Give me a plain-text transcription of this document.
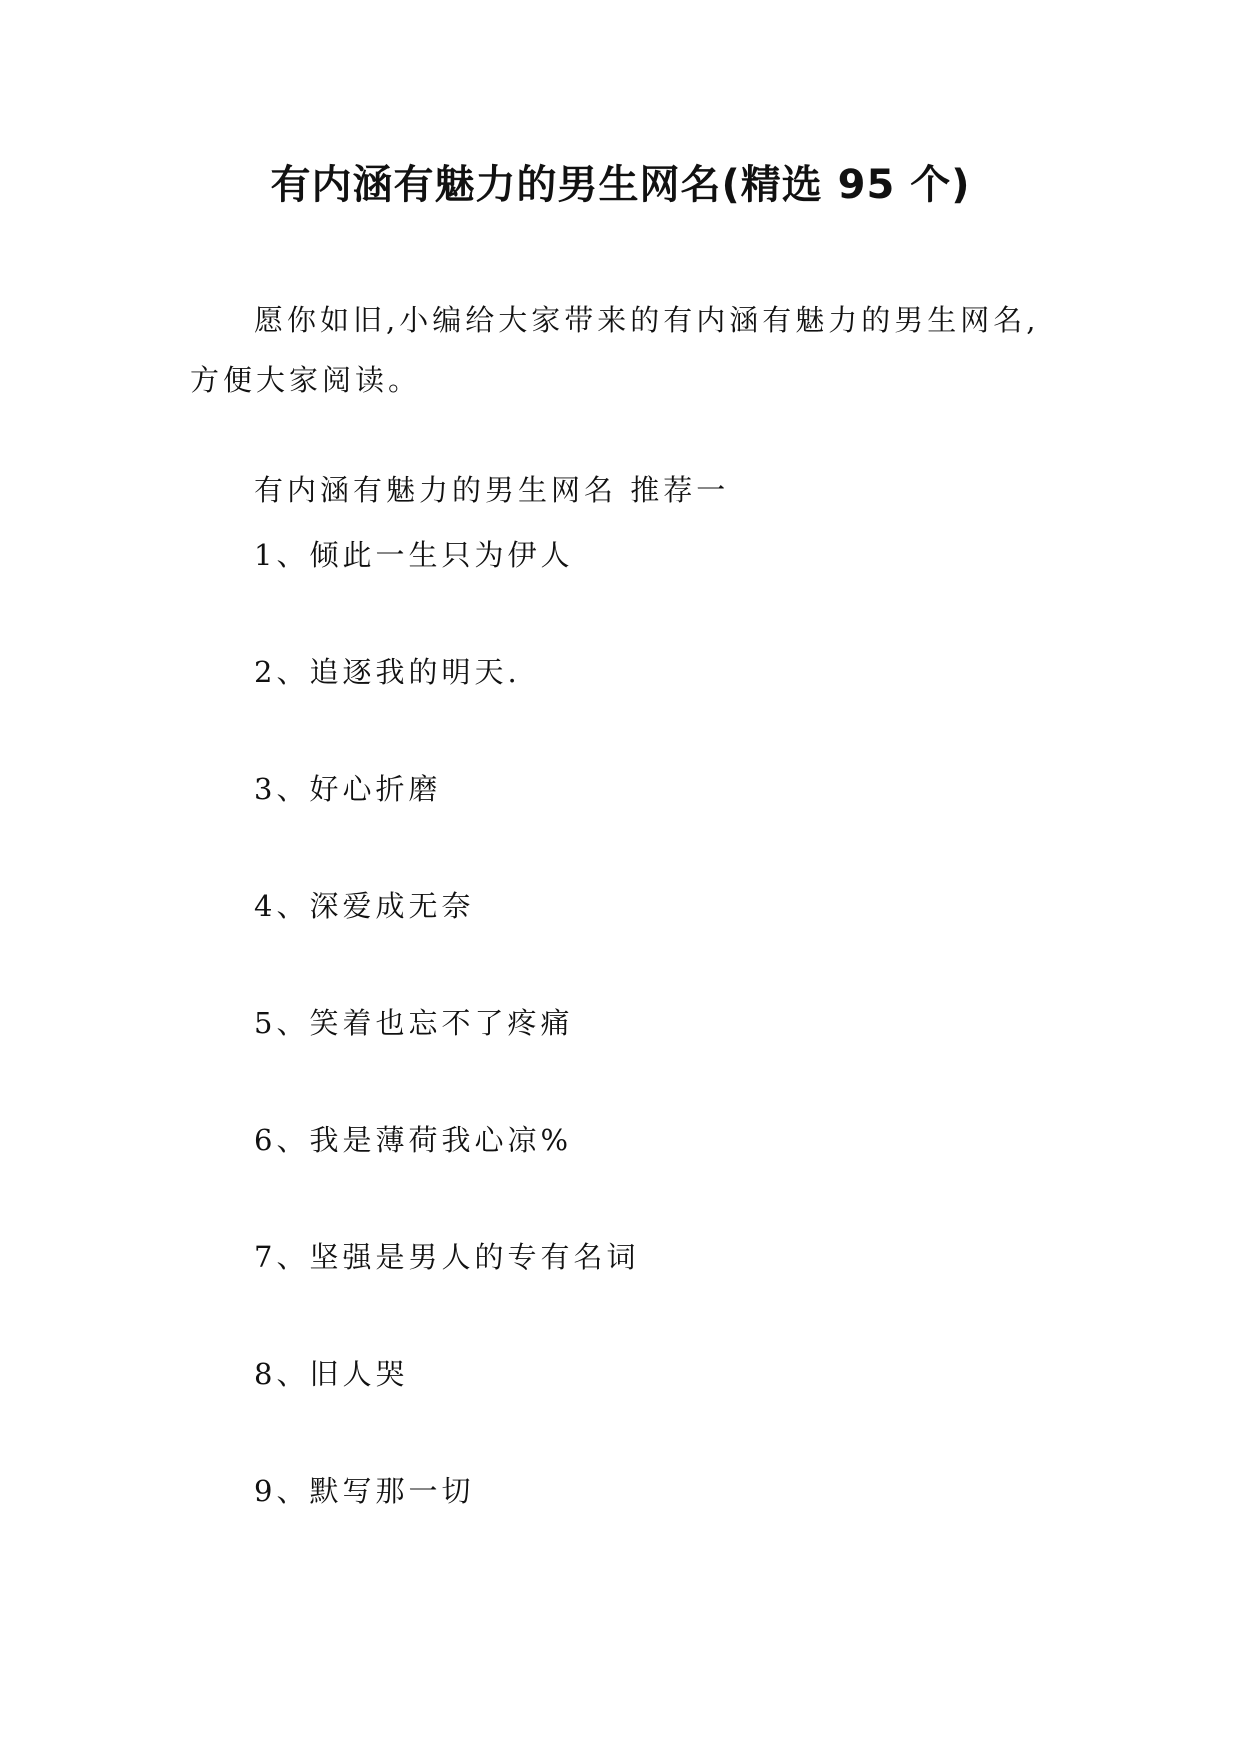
有内涵有魅力的男生网名(精选 95 个)

愿你如旧,小编给大家带来的有内涵有魅力的男生网名,方便大家阅读。

有内涵有魅力的男生网名 推荐一

1、倾此一生只为伊人
2、追逐我的明天.
3、好心折磨
4、深爱成无奈
5、笑着也忘不了疼痛
6、我是薄荷我心凉%
7、坚强是男人的专有名词
8、旧人哭
9、默写那一切
